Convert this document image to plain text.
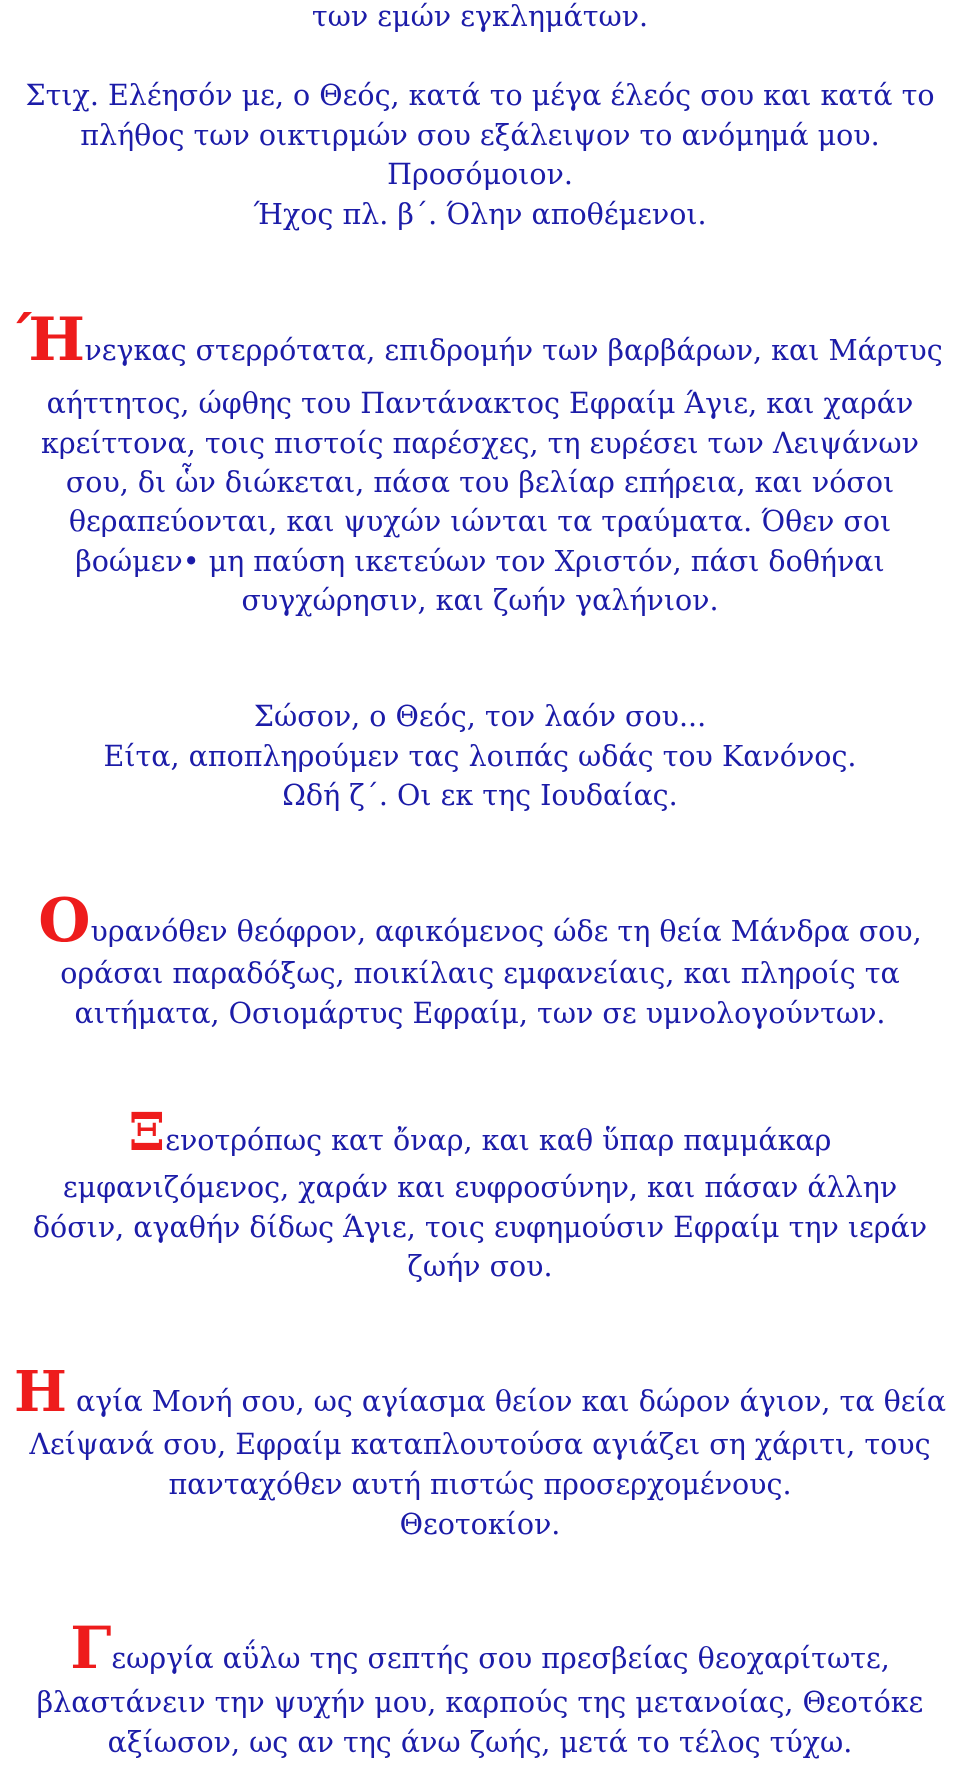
των εμών εγκλημάτων.
Στιχ. Ελέησόν με, ο Θεός, κατά το μέγα έλεός σου και κατά το
πλήθος των οικτιρμών σου εξάλειψον το ανόμημά μου.
Προσόμοιον.
Ήχος πλ. β΄. Όλην αποθέμενοι.
Ήνεγκας στερρότατα, επιδρομήν των βαρβάρων, και Μάρτυς
αήττητος, ώφθης του Παντάνακτος Εφραίμ Άγιε, και χαράν
κρείττονα, τοις πιστοίς παρέσχες, τη ευρέσει των Λειψάνων
σου, δι ὧν διώκεται, πάσα του βελίαρ επήρεια, και νόσοι
θεραπεύονται, και ψυχών ιώνται τα τραύματα. Όθεν σοι
βοώμεν• μη παύση ικετεύων τον Χριστόν, πάσι δοθήναι
συγχώρησιν, και ζωήν γαλήνιον.
Σώσον, ο Θεός, τον λαόν σου...
Είτα, αποπληρούμεν τας λοιπάς ωδάς του Κανόνος.
Ωδή ζ΄. Οι εκ της Ιουδαίας.
Ουρανόθεν θεόφρον, αφικόμενος ώδε τη θεία Μάνδρα σου,
οράσαι παραδόξως, ποικίλαις εμφανείαις, και πληροίς τα
αιτήματα, Οσιομάρτυς Εφραίμ, των σε υμνολογούντων.
Ξενοτρόπως κατ ὄναρ, και καθ ὕπαρ παμμάκαρ
εμφανιζόμενος, χαράν και ευφροσύνην, και πάσαν άλλην
δόσιν, αγαθήν δίδως Άγιε, τοις ευφημούσιν Εφραίμ την ιεράν
ζωήν σου.
Η αγία Μονή σου, ως αγίασμα θείον και δώρον άγιον, τα θεία
Λείψανά σου, Εφραίμ καταπλουτούσα αγιάζει ση χάριτι, τους
πανταχόθεν αυτή πιστώς προσερχομένους.
Θεοτοκίον.
Γεωργία αΰλω της σεπτής σου πρεσβείας θεοχαρίτωτε,
βλαστάνειν την ψυχήν μου, καρπούς της μετανοίας, Θεοτόκε
αξίωσον, ως αν της άνω ζωής, μετά το τέλος τύχω.
